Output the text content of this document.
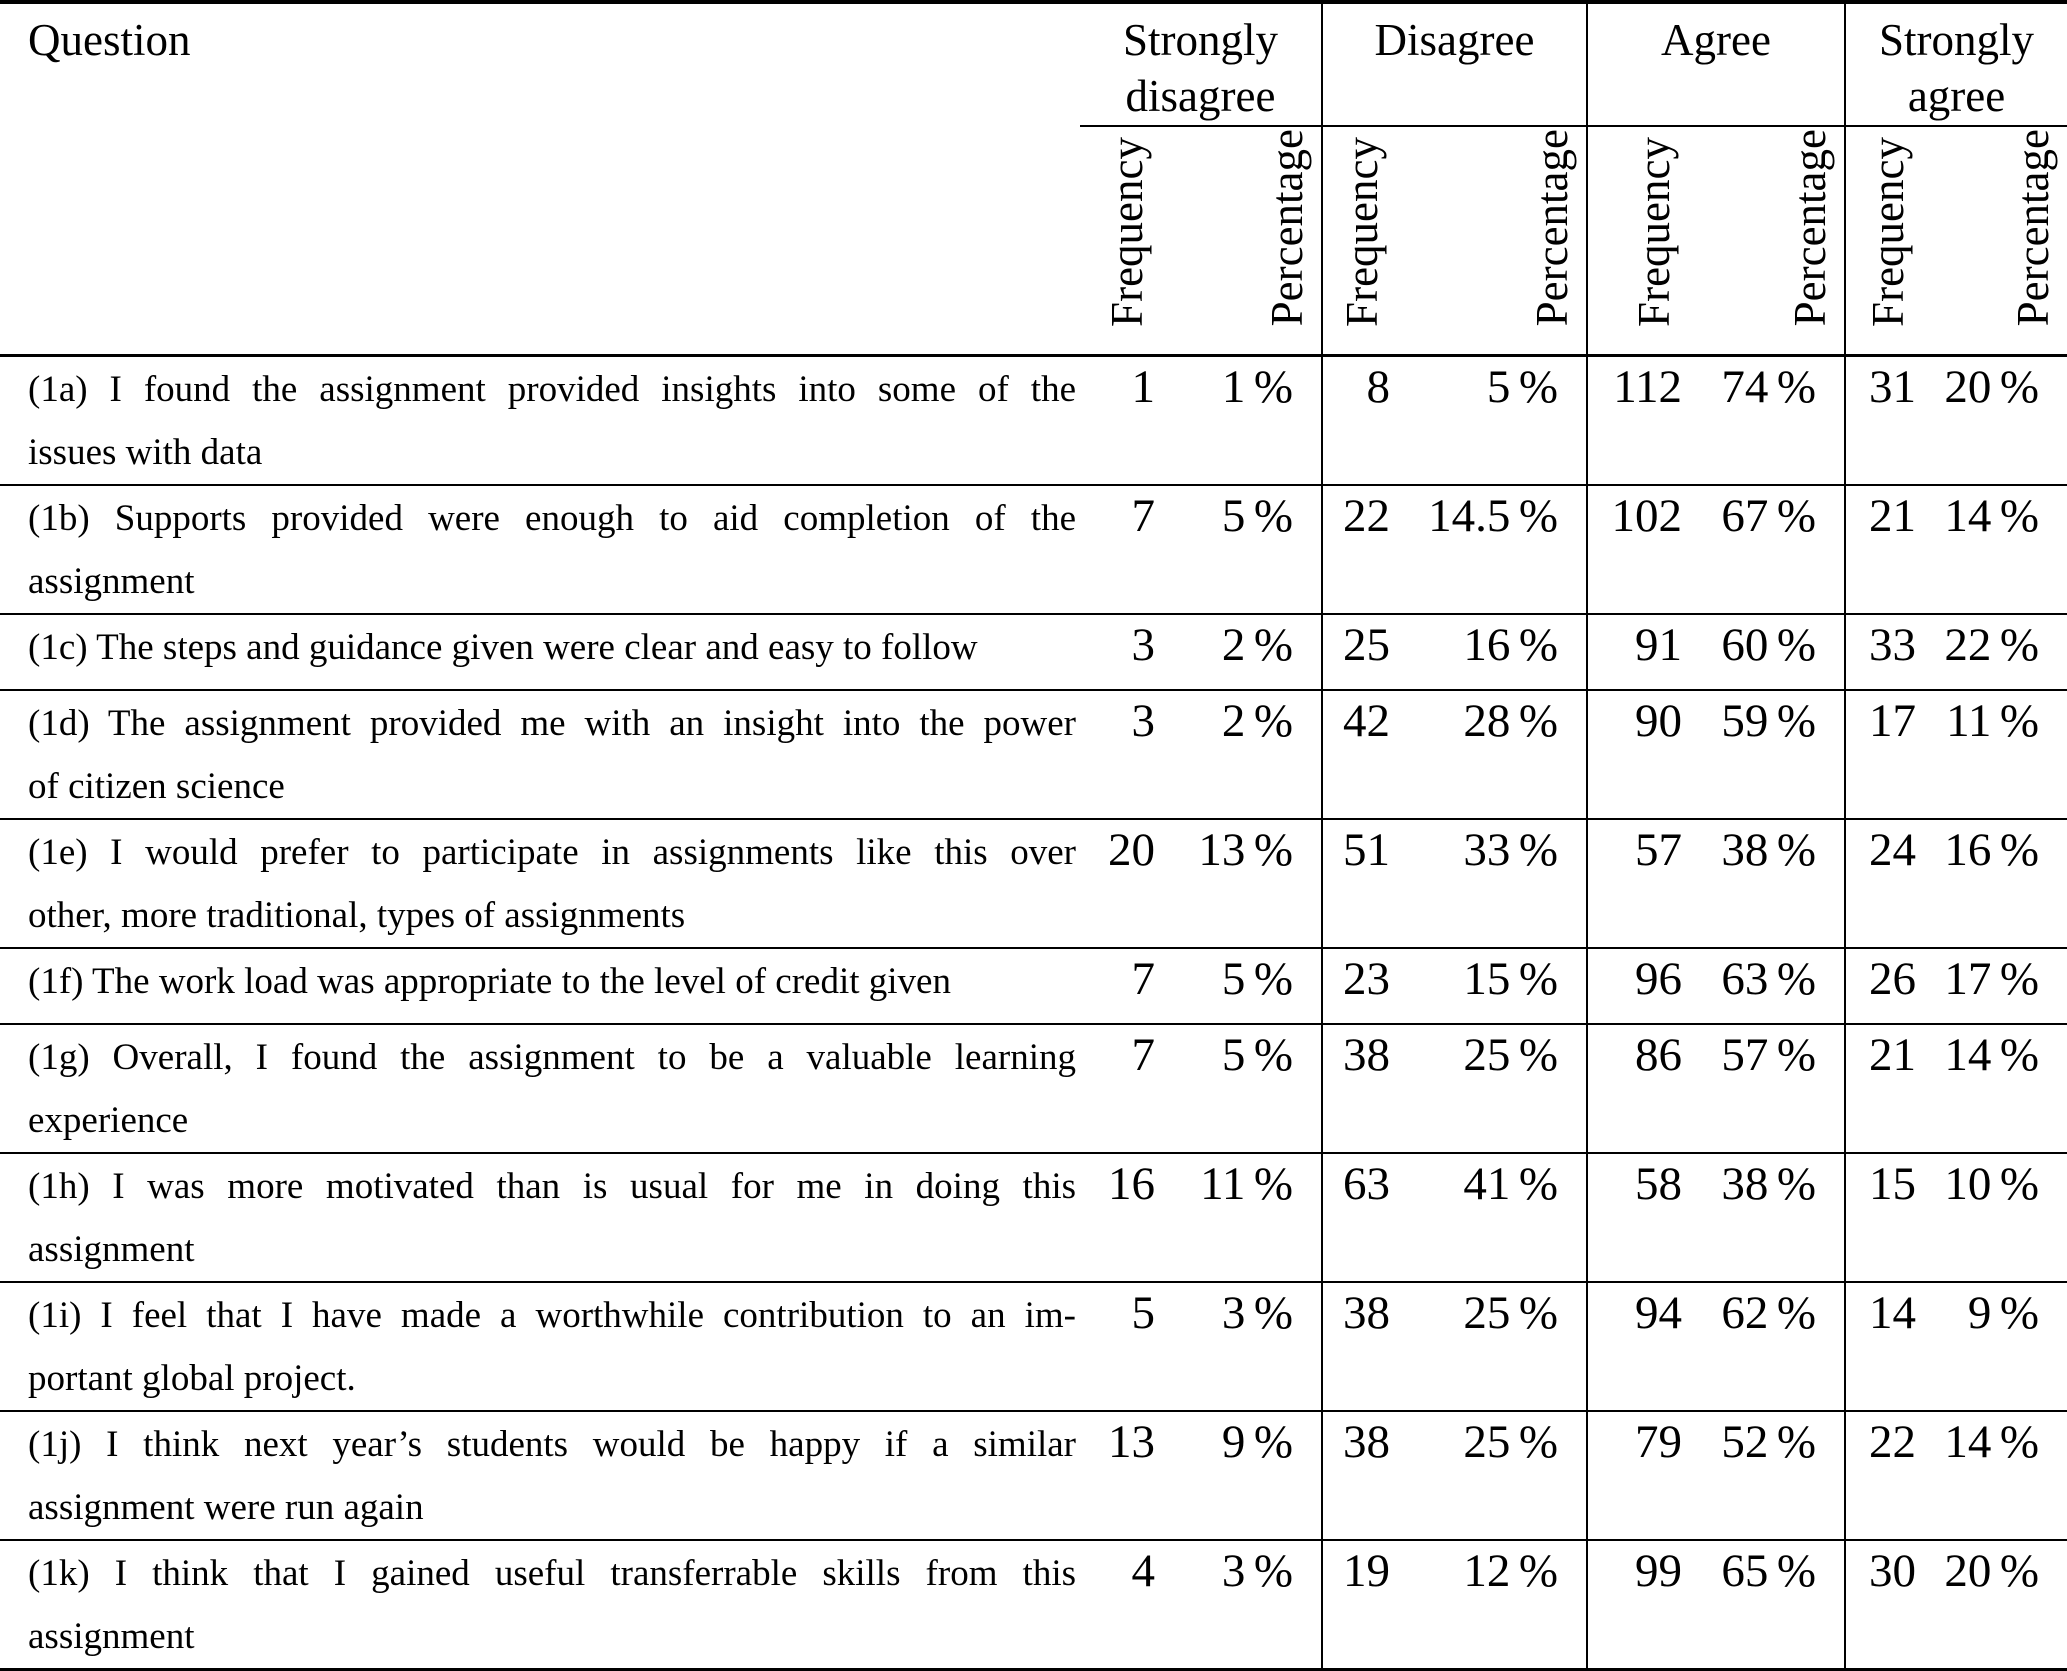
Question	Strongly disagree		Disagree		Agree		Strongly agree	
	Frequency	Percentage	Frequency	Percentage	Frequency	Percentage	Frequency	Percentage

(1a) I found the assignment provided insights into some of the
issues with data	1	1 %	8	5 %	112	74 %	31	20 %

(1b) Supports provided were enough to aid completion of the
assignment	7	5 %	22	14.5 %	102	67 %	21	14 %

(1c) The steps and guidance given were clear and easy to follow	3	2 %	25	16 %	91	60 %	33	22 %

(1d) The assignment provided me with an insight into the power
of citizen science	3	2 %	42	28 %	90	59 %	17	11 %

(1e) I would prefer to participate in assignments like this over
other, more traditional, types of assignments	20	13 %	51	33 %	57	38 %	24	16 %

(1f) The work load was appropriate to the level of credit given	7	5 %	23	15 %	96	63 %	26	17 %

(1g) Overall, I found the assignment to be a valuable learning
experience	7	5 %	38	25 %	86	57 %	21	14 %

(1h) I was more motivated than is usual for me in doing this
assignment	16	11 %	63	41 %	58	38 %	15	10 %

(1i) I feel that I have made a worthwhile contribution to an im-
portant global project.	5	3 %	38	25 %	94	62 %	14	9 %

(1j) I think next year’s students would be happy if a similar
assignment were run again	13	9 %	38	25 %	79	52 %	22	14 %

(1k) I think that I gained useful transferrable skills from this
assignment	4	3 %	19	12 %	99	65 %	30	20 %
